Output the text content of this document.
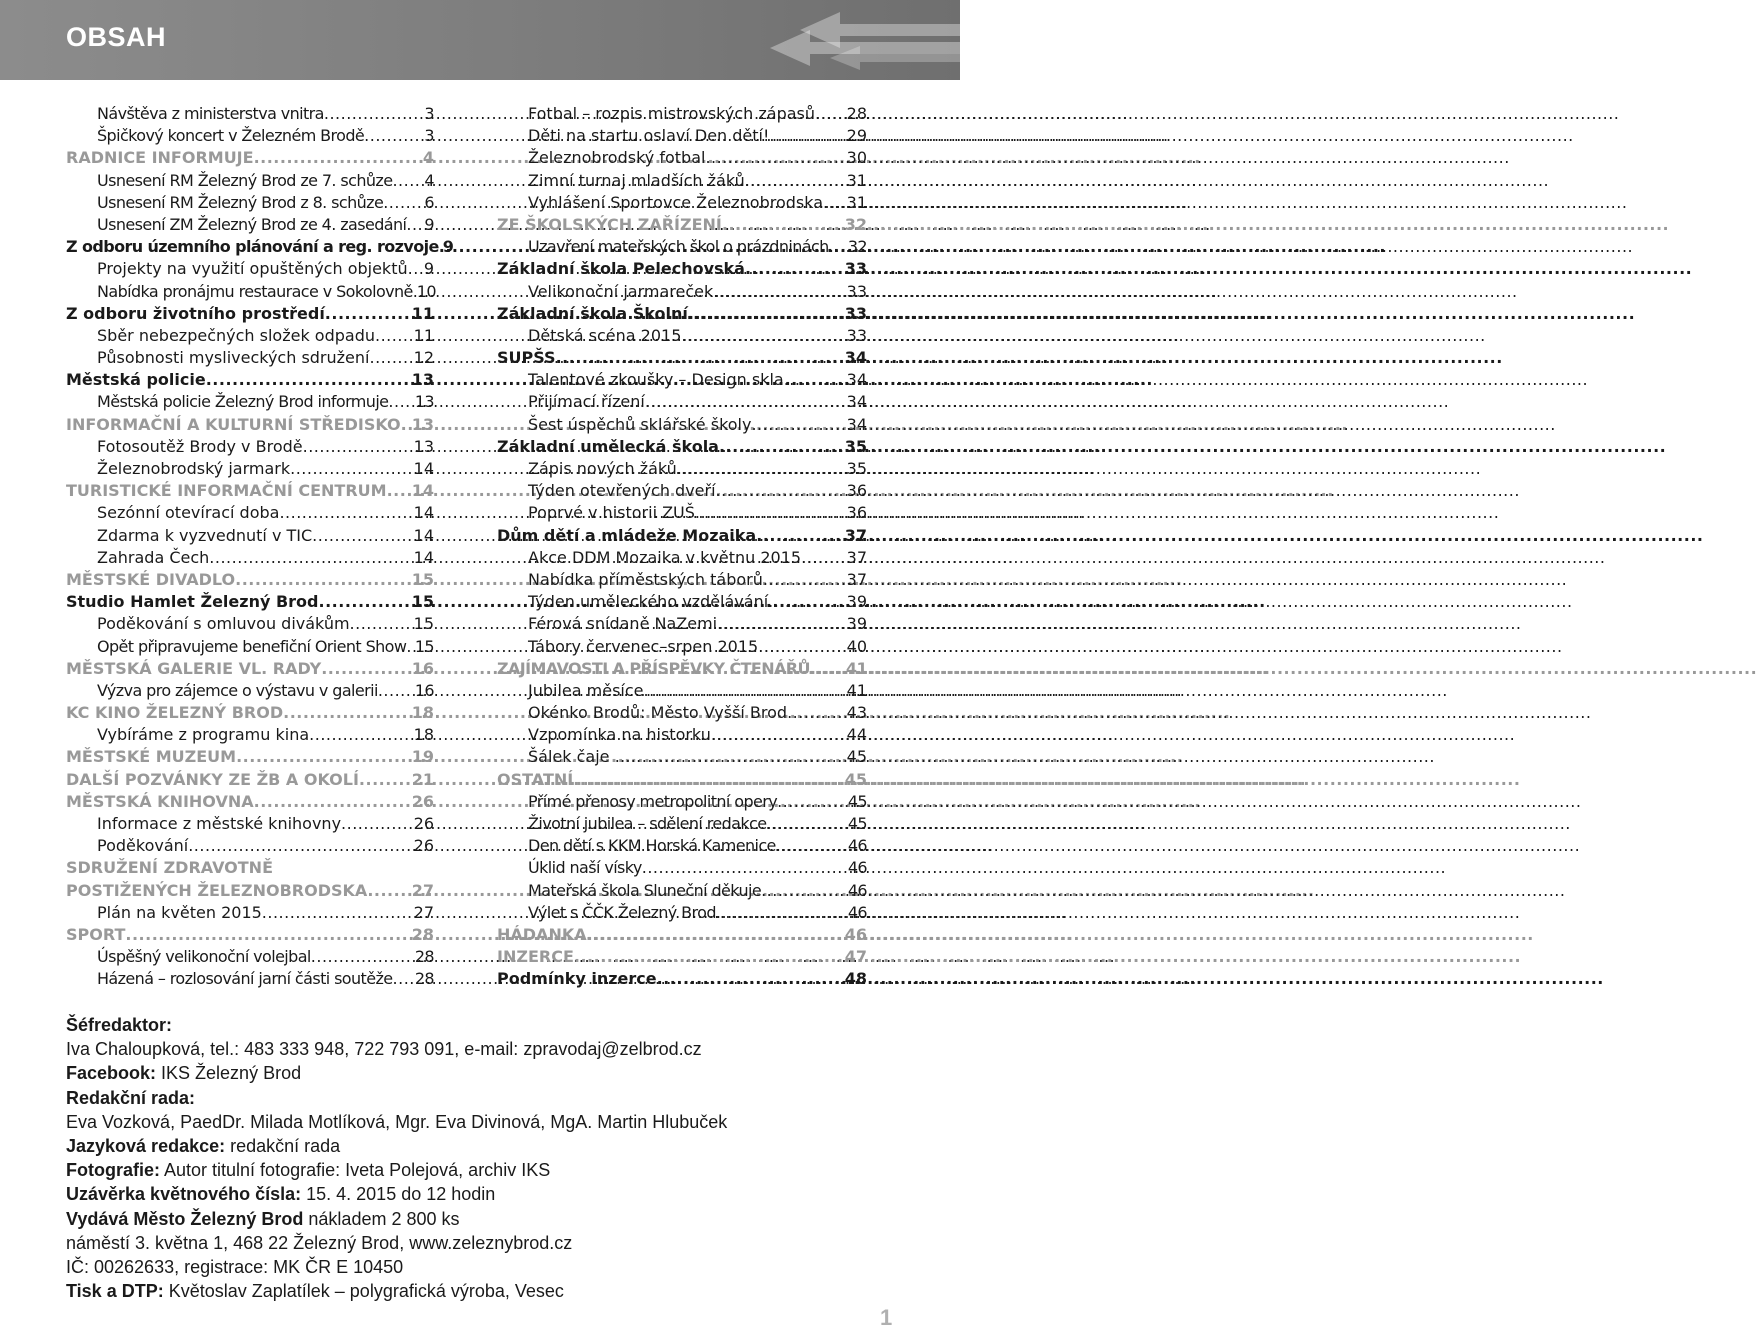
OBSAH
Návštěva z ministerstva vnitra .....	3
Špičkový koncert v Železném Brodě .....	3
RADNICE INFORMUJE .....	4
Usnesení RM Železný Brod ze 7. schůze ..... 4
Usnesení RM Železný Brod z 8. schůze .....	6
Usnesení ZM Železný Brod ze 4. zasedání ..... 9
Z odboru územního plánování a reg. rozvoje ..... 9
Projekty na využití opuštěných objektů ..... 9
Nabídka pronájmu restaurace v Sokolovně ..... 10
Z odboru životního prostředí .....	11
Sběr nebezpečných složek odpadu ..... 11
Působnosti mysliveckých sdružení .....	12
Městská policie .....	13
Městská policie Železný Brod informuje ..... 13
INFORMAČNÍ A KULTURNÍ STŘEDISKO ..... 13
Fotosoutěž Brody v Brodě .....	13
Železnobrodský jarmark .....	14
TURISTICKÉ INFORMAČNÍ CENTRUM ..... 14
Sezónní otevírací doba .....	14
Zdarma k vyzvednutí v TIC .....	14
Zahrada Čech .....	14
MĚSTSKÉ DIVADLO .....	15
Studio Hamlet Železný Brod .....	15
Poděkování s omluvou divákům .....	15
Opět připravujeme benefiční Orient Show ..... 15
MĚSTSKÁ GALERIE VL. RADY .....	16
Výzva pro zájemce o výstavu v galerii ..... 16
KC KINO ŽELEZNÝ BROD .....	18
Vybíráme z programu kina .....	18
MĚSTSKÉ MUZEUM .....	19
DALŠÍ POZVÁNKY ZE ŽB A OKOLÍ .....	21
MĚSTSKÁ KNIHOVNA .....	26
Informace z městské knihovny .....	26
Poděkování .....	26
SDRUŽENÍ ZDRAVOTNĚ
POSTIŽENÝCH ŽELEZNOBRODSKA .....	27
Plán na květen 2015 .....	27
SPORT .....	28
Úspěšný velikonoční volejbal .....	28
Házená – rozlosování jarní části soutěže ..... 28
Fotbal – rozpis mistrovských zápasů ..... 28
Děti na startu oslaví Den dětí! .....	29
Železnobrodský fotbal .....	30
Zimní turnaj mladších žáků .....	31
Vyhlášení Sportovce Železnobrodska ..... 31
ZE ŠKOLSKÝCH ZAŘÍZENÍ .....	32
Uzavření mateřských škol o prázdninách ..... 32
Základní škola Pelechovská .....	33
Velikonoční jarmareček .....	33
Základní škola Školní .....	33
Dětská scéna 2015 .....	33
SUPŠS .....	34
Talentové zkoušky – Design skla .....	34
Přijímací řízení .....	34
Šest úspěchů sklářské školy .....	34
Základní umělecká škola .....	35
Zápis nových žáků .....	35
Týden otevřených dveří .....	36
Poprvé v historii ZUŠ .....	36
Dům dětí a mládeže Mozaika .....	37
Akce DDM Mozaika v květnu 2015 .....	37
Nabídka příměstských táborů .....	37
Týden uměleckého vzdělávání .....	39
Férová snídaně NaZemi .....	39
Tábory červenec–srpen 2015 .....	40
ZAJÍMAVOSTI A PŘÍSPĚVKY ČTENÁŘŮ ..... 41
Jubilea měsíce .....	41
Okénko Brodů: Město Vyšší Brod .....	43
Vzpomínka na historku .....	44
Šálek čaje … .....	45
OSTATNÍ .....	45
Přímé přenosy metropolitní opery .....	45
Životní jubilea – sdělení redakce .....	45
Den dětí s KKM Horská Kamenice .....	46
Úklid naší vísky .....	46
Mateřská škola Sluneční děkuje .....	46
Výlet s ČČK Železný Brod .....	46
HÁDANKA .....	46
INZERCE .....	47
Podmínky inzerce .....	48
Šéfredaktor:
Iva Chaloupková, tel.: 483 333 948, 722 793 091, e-mail: zpravodaj@zelbrod.cz
Facebook: IKS Železný Brod
Redakční rada:
Eva Vozková, PaedDr. Milada Motlíková, Mgr. Eva Divinová, MgA. Martin Hlubuček
Jazyková redakce: redakční rada
Fotografie: Autor titulní fotografie: Iveta Polejová, archiv IKS
Uzávěrka květnového čísla: 15. 4. 2015 do 12 hodin
Vydává Město Železný Brod nákladem 2 800 ks
náměstí 3. května 1, 468 22 Železný Brod, www.zeleznybrod.cz
IČ: 00262633, registrace: MK ČR E 10450
Tisk a DTP: Květoslav Zaplatílek – polygrafická výroba, Vesec
1
